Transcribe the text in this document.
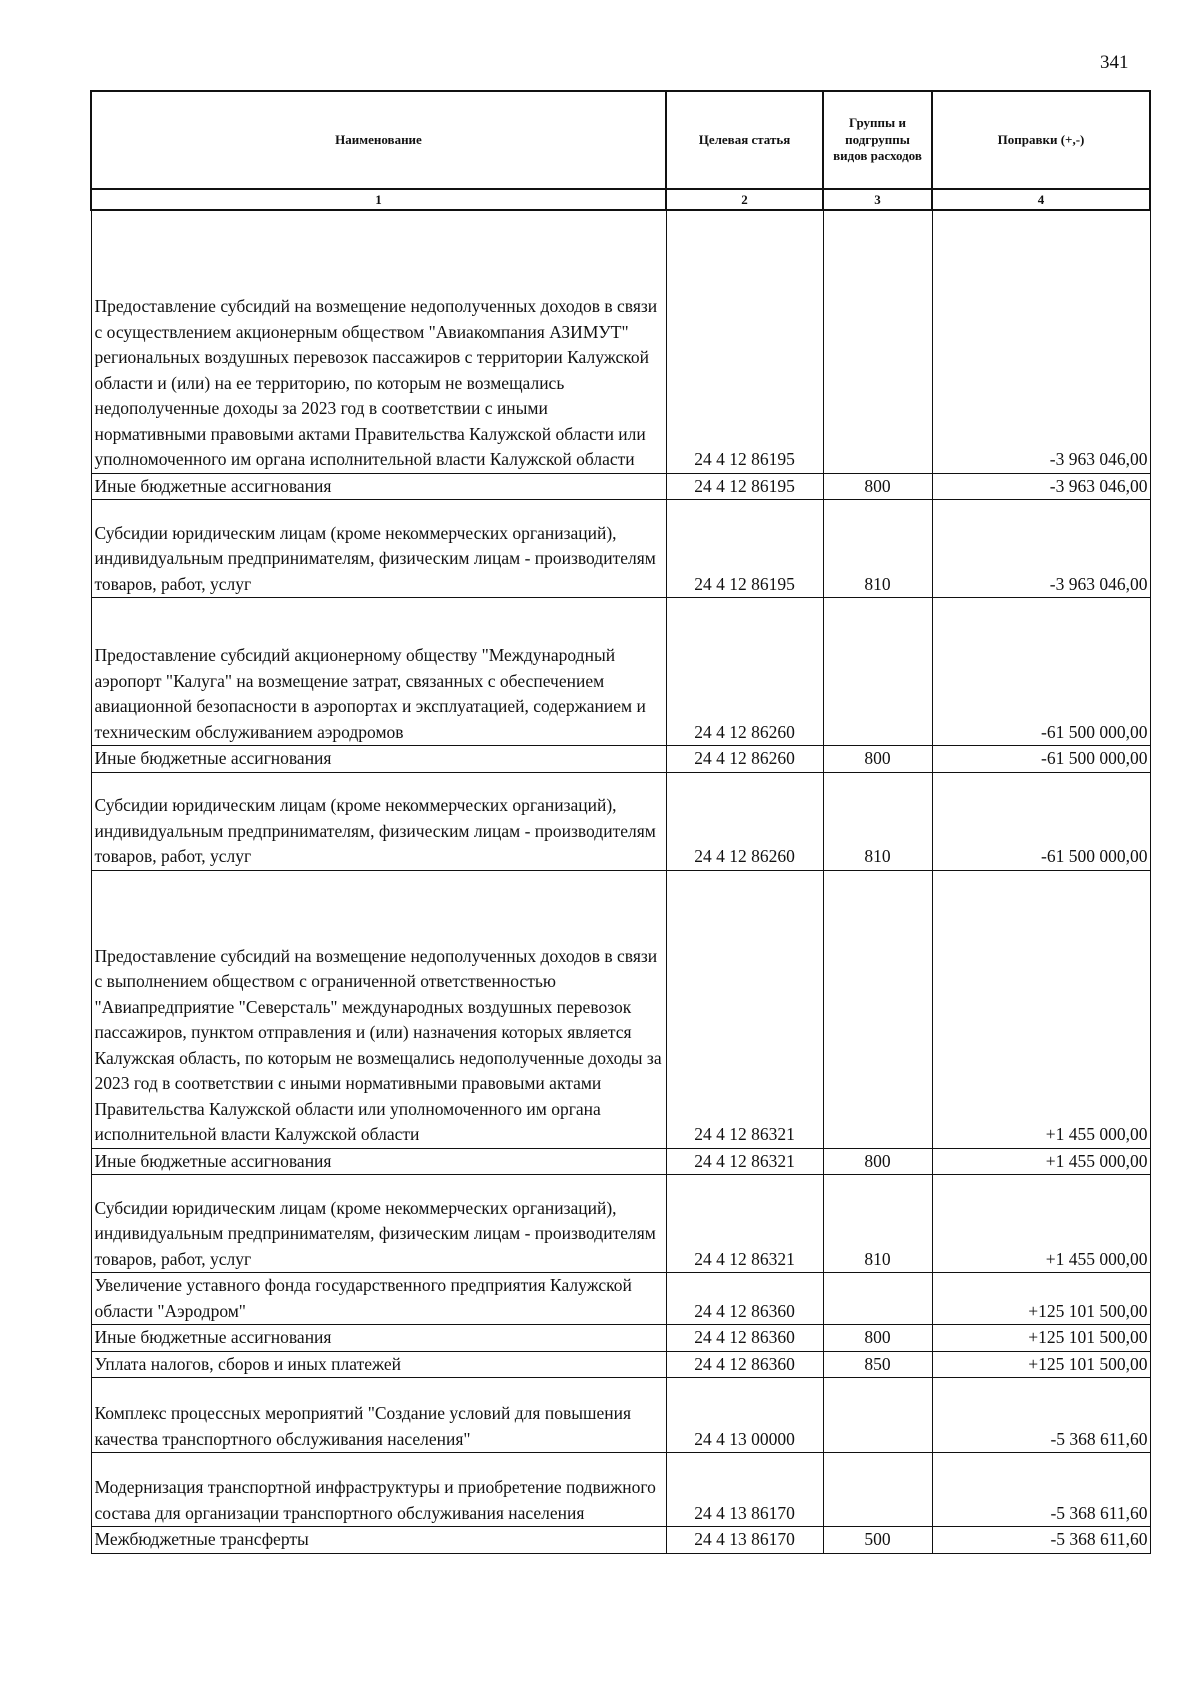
341
Наименование	Целевая статья	Группы и подгруппы видов расходов	Поправки (+,-)
1	2	3	4
Предоставление субсидий на возмещение недополученных доходов в связи с осуществлением акционерным обществом "Авиакомпания АЗИМУТ" региональных воздушных перевозок пассажиров с территории Калужской области и (или) на ее территорию, по которым не возмещались недополученные доходы за 2023 год в соответствии с иными нормативными правовыми актами Правительства Калужской области или уполномоченного им органа исполнительной власти Калужской области	24 4 12 86195		-3 963 046,00
Иные бюджетные ассигнования	24 4 12 86195	800	-3 963 046,00
Субсидии юридическим лицам (кроме некоммерческих организаций), индивидуальным предпринимателям, физическим лицам - производителям товаров, работ, услуг	24 4 12 86195	810	-3 963 046,00
Предоставление субсидий акционерному обществу "Международный аэропорт "Калуга" на возмещение затрат, связанных с обеспечением авиационной безопасности в аэропортах и эксплуатацией, содержанием и техническим обслуживанием аэродромов	24 4 12 86260		-61 500 000,00
Иные бюджетные ассигнования	24 4 12 86260	800	-61 500 000,00
Субсидии юридическим лицам (кроме некоммерческих организаций), индивидуальным предпринимателям, физическим лицам - производителям товаров, работ, услуг	24 4 12 86260	810	-61 500 000,00
Предоставление субсидий на возмещение недополученных доходов в связи с выполнением обществом с ограниченной ответственностью "Авиапредприятие "Северсталь" международных воздушных перевозок пассажиров, пунктом отправления и (или) назначения которых является Калужская область, по которым не возмещались недополученные доходы за 2023 год в соответствии с иными нормативными правовыми актами Правительства Калужской области или уполномоченного им органа исполнительной власти Калужской области	24 4 12 86321		+1 455 000,00
Иные бюджетные ассигнования	24 4 12 86321	800	+1 455 000,00
Субсидии юридическим лицам (кроме некоммерческих организаций), индивидуальным предпринимателям, физическим лицам - производителям товаров, работ, услуг	24 4 12 86321	810	+1 455 000,00
Увеличение уставного фонда государственного предприятия Калужской области "Аэродром"	24 4 12 86360		+125 101 500,00
Иные бюджетные ассигнования	24 4 12 86360	800	+125 101 500,00
Уплата налогов, сборов и иных платежей	24 4 12 86360	850	+125 101 500,00
Комплекс процессных мероприятий "Создание условий для повышения качества транспортного обслуживания населения"	24 4 13 00000		-5 368 611,60
Модернизация транспортной инфраструктуры и приобретение подвижного состава для организации транспортного обслуживания населения	24 4 13 86170		-5 368 611,60
Межбюджетные трансферты	24 4 13 86170	500	-5 368 611,60
